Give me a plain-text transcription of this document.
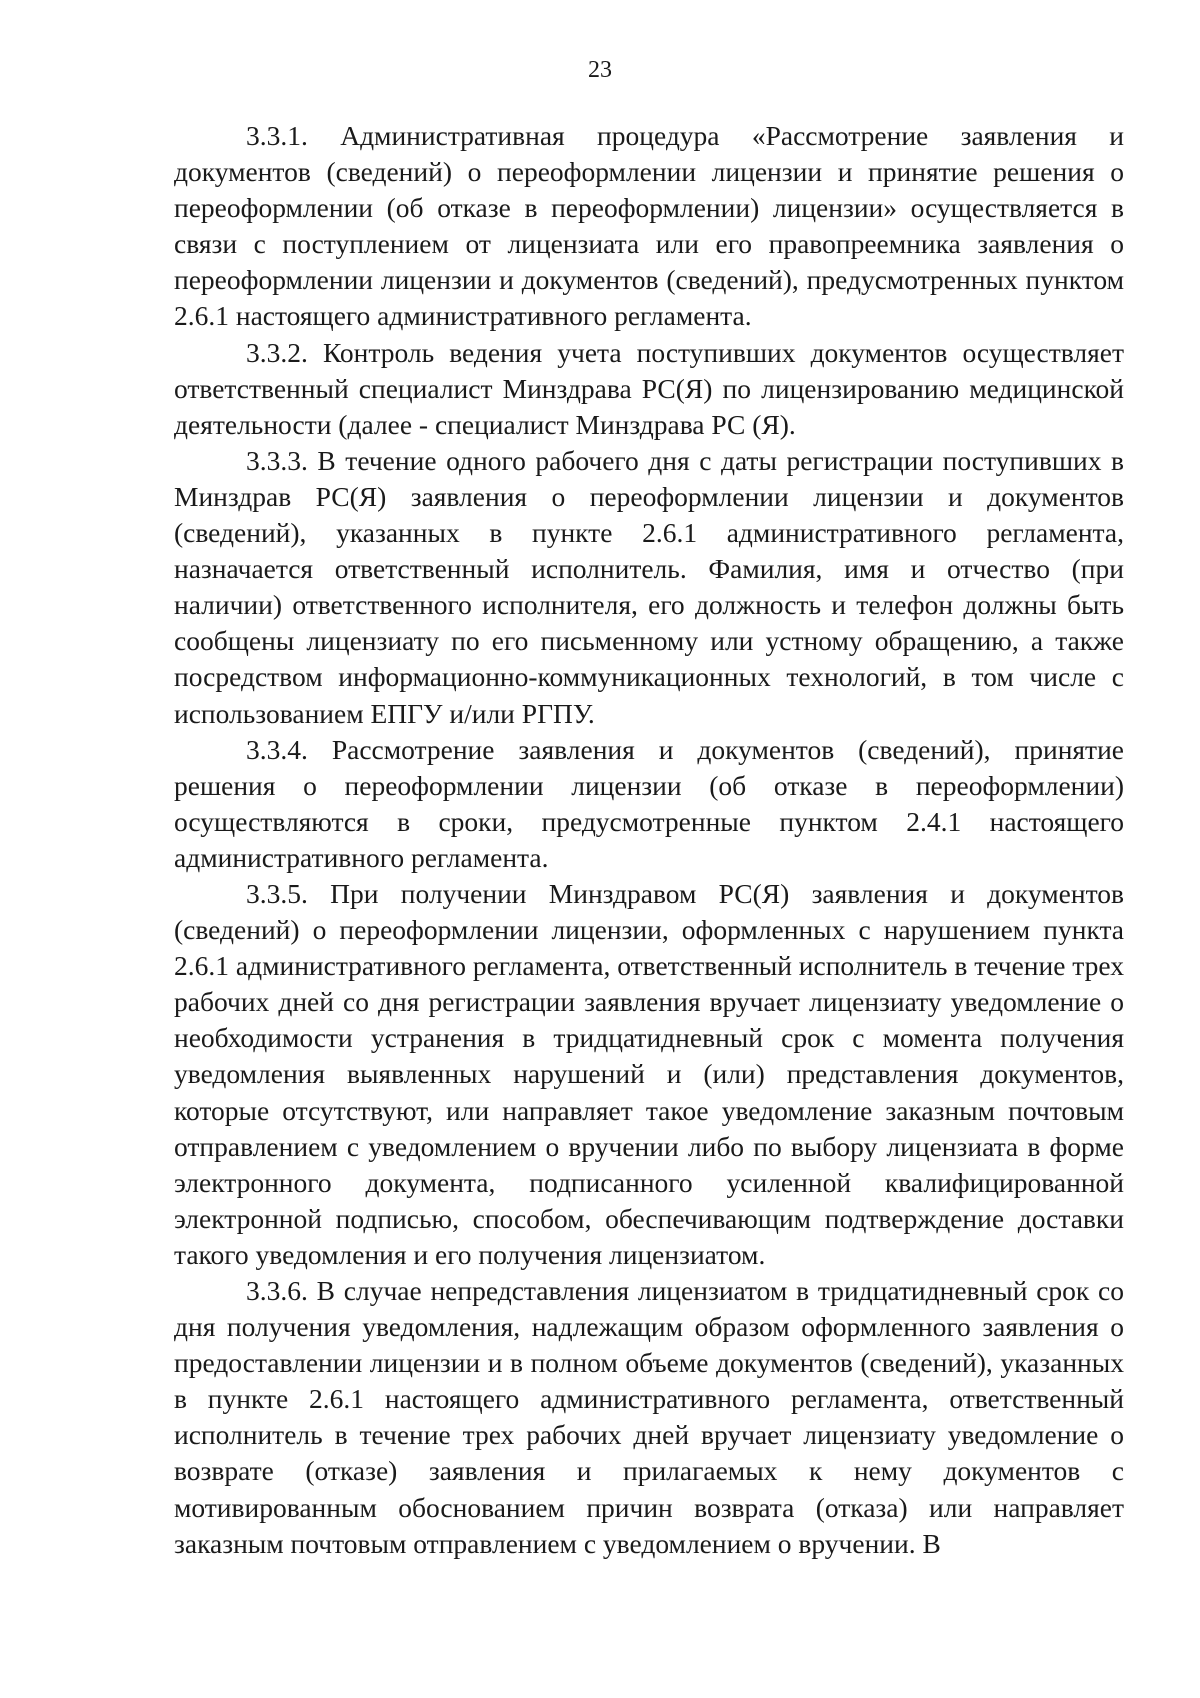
23

3.3.1. Административная процедура «Рассмотрение заявления и документов (сведений) о переоформлении лицензии и принятие решения о переоформлении (об отказе в переоформлении) лицензии» осуществляется в связи с поступлением от лицензиата или его правопреемника заявления о переоформлении лицензии и документов (сведений), предусмотренных пунктом 2.6.1 настоящего административного регламента.

3.3.2. Контроль ведения учета поступивших документов осуществляет ответственный специалист Минздрава РС(Я) по лицензированию медицинской деятельности (далее - специалист Минздрава РС (Я).

3.3.3. В течение одного рабочего дня с даты регистрации поступивших в Минздрав РС(Я) заявления о переоформлении лицензии и документов (сведений), указанных в пункте 2.6.1 административного регламента, назначается ответственный исполнитель. Фамилия, имя и отчество (при наличии) ответственного исполнителя, его должность и телефон должны быть сообщены лицензиату по его письменному или устному обращению, а также посредством информационно-коммуникационных технологий, в том числе с использованием ЕПГУ и/или РГПУ.

3.3.4. Рассмотрение заявления и документов (сведений), принятие решения о переоформлении лицензии (об отказе в переоформлении) осуществляются в сроки, предусмотренные пунктом 2.4.1 настоящего административного регламента.

3.3.5. При получении Минздравом РС(Я) заявления и документов (сведений) о переоформлении лицензии, оформленных с нарушением пункта 2.6.1 административного регламента, ответственный исполнитель в течение трех рабочих дней со дня регистрации заявления вручает лицензиату уведомление о необходимости устранения в тридцатидневный срок с момента получения уведомления выявленных нарушений и (или) представления документов, которые отсутствуют, или направляет такое уведомление заказным почтовым отправлением с уведомлением о вручении либо по выбору лицензиата в форме электронного документа, подписанного усиленной квалифицированной электронной подписью, способом, обеспечивающим подтверждение доставки такого уведомления и его получения лицензиатом.

3.3.6. В случае непредставления лицензиатом в тридцатидневный срок со дня получения уведомления, надлежащим образом оформленного заявления о предоставлении лицензии и в полном объеме документов (сведений), указанных в пункте 2.6.1 настоящего административного регламента, ответственный исполнитель в течение трех рабочих дней вручает лицензиату уведомление о возврате (отказе) заявления и прилагаемых к нему документов с мотивированным обоснованием причин возврата (отказа) или направляет заказным почтовым отправлением с уведомлением о вручении. В
